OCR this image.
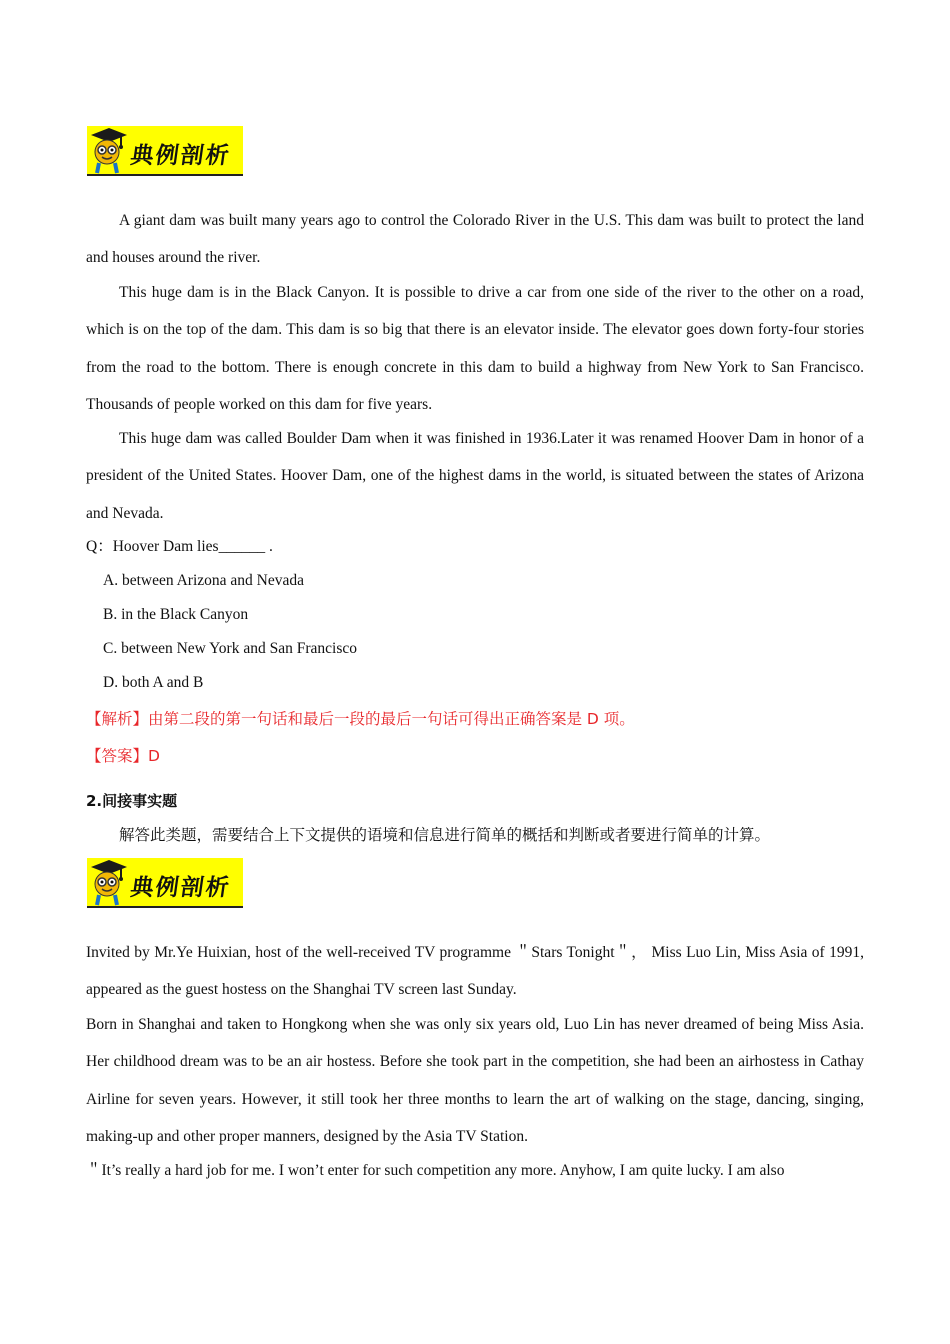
典例剖析

A giant dam was built many years ago to control the Colorado River in the U.S. This dam was built to protect the land and houses around the river.

This huge dam is in the Black Canyon. It is possible to drive a car from one side of the river to the other on a road, which is on the top of the dam. This dam is so big that there is an elevator inside. The elevator goes down forty-four stories from the road to the bottom. There is enough concrete in this dam to build a highway from New York to San Francisco. Thousands of people worked on this dam for five years.

This huge dam was called Boulder Dam when it was finished in 1936.Later it was renamed Hoover Dam in honor of a president of the United States. Hoover Dam, one of the highest dams in the world, is situated between the states of Arizona and Nevada.

Q：Hoover Dam lies______ .

A. between Arizona and Nevada

B. in the Black Canyon

C. between New York and San Francisco

D. both A and B

【解析】由第二段的第一句话和最后一段的最后一句话可得出正确答案是 D 项。

【答案】D

2.间接事实题

解答此类题，需要结合上下文提供的语境和信息进行简单的概括和判断或者要进行简单的计算。

典例剖析

Invited by Mr.Ye Huixian, host of the well-received TV programme ＂Stars Tonight＂， Miss Luo Lin, Miss Asia of 1991, appeared as the guest hostess on the Shanghai TV screen last Sunday.

Born in Shanghai and taken to Hongkong when she was only six years old, Luo Lin has never dreamed of being Miss Asia. Her childhood dream was to be an air hostess. Before she took part in the competition, she had been an airhostess in Cathay Airline for seven years. However, it still took her three months to learn the art of walking on the stage, dancing, singing, making-up and other proper manners, designed by the Asia TV Station.

＂It’s really a hard job for me. I won’t enter for such competition any more. Anyhow, I am quite lucky. I am also
